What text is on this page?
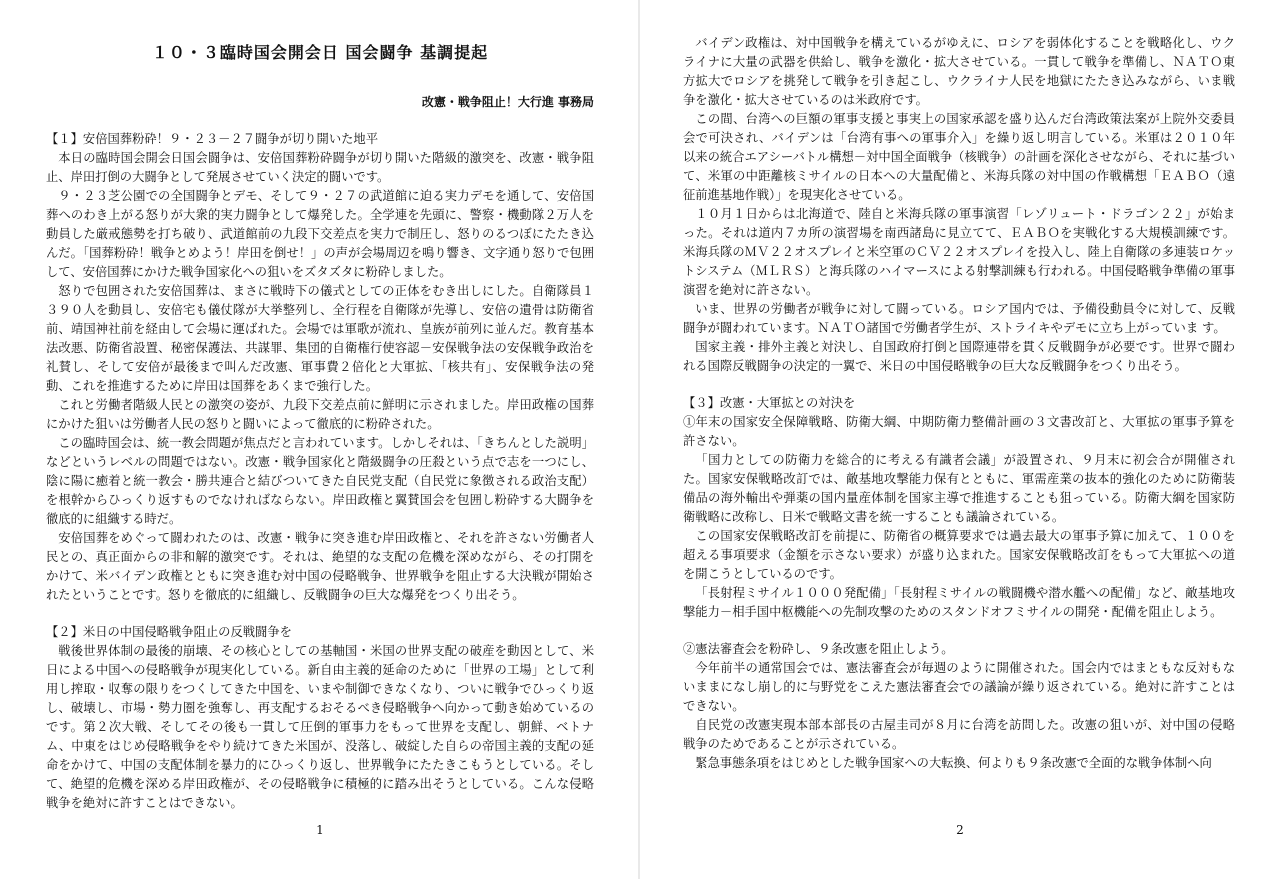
１０・３臨時国会開会日 国会闘争 基調提起
改憲・戦争阻止！大行進 事務局
【１】安倍国葬粉砕！９・２３－２７闘争が切り開いた地平

本日の臨時国会開会日国会闘争は、安倍国葬粉砕闘争が切り開いた階級的激突を、改憲・戦争阻止、岸田打倒の大闘争として発展させていく決定的闘いです。

９・２３芝公園での全国闘争とデモ、そして９・２７の武道館に迫る実力デモを通して、安倍国葬へのわき上がる怒りが大衆的実力闘争として爆発した。全学連を先頭に、警察・機動隊２万人を動員した厳戒態勢を打ち破り、武道館前の九段下交差点を実力で制圧し、怒りのるつぼにたたき込んだ。「国葬粉砕！戦争とめよう！岸田を倒せ！」の声が会場周辺を鳴り響き、文字通り怒りで包囲して、安倍国葬にかけた戦争国家化への狙いをズタズタに粉砕しました。

怒りで包囲された安倍国葬は、まさに戦時下の儀式としての正体をむき出しにした。自衛隊員１３９０人を動員し、安倍宅も儀仗隊が大挙整列し、全行程を自衛隊が先導し、安倍の遺骨は防衛省前、靖国神社前を経由して会場に運ばれた。会場では軍歌が流れ、皇族が前列に並んだ。教育基本法改悪、防衛省設置、秘密保護法、共謀罪、集団的自衛権行使容認－安保戦争法の安保戦争政治を礼賛し、そして安倍が最後まで叫んだ改憲、軍事費２倍化と大軍拡、「核共有」、安保戦争法の発動、これを推進するために岸田は国葬をあくまで強行した。

これと労働者階級人民との激突の姿が、九段下交差点前に鮮明に示されました。岸田政権の国葬にかけた狙いは労働者人民の怒りと闘いによって徹底的に粉砕された。

この臨時国会は、統一教会問題が焦点だと言われています。しかしそれは、「きちんとした説明」などというレベルの問題ではない。改憲・戦争国家化と階級闘争の圧殺という点で志を一つにし、陰に陽に癒着と統一教会・勝共連合と結びついてきた自民党支配（自民党に象徴される政治支配）を根幹からひっくり返すものでなければならない。岸田政権と翼賛国会を包囲し粉砕する大闘争を徹底的に組織する時だ。

安倍国葬をめぐって闘われたのは、改憲・戦争に突き進む岸田政権と、それを許さない労働者人民との、真正面からの非和解的激突です。それは、絶望的な支配の危機を深めながら、その打開をかけて、米バイデン政権とともに突き進む対中国の侵略戦争、世界戦争を阻止する大決戦が開始されたということです。怒りを徹底的に組織し、反戦闘争の巨大な爆発をつくり出そう。

【２】米日の中国侵略戦争阻止の反戦闘争を

戦後世界体制の最後的崩壊、その核心としての基軸国・米国の世界支配の破産を動因として、米日による中国への侵略戦争が現実化している。新自由主義的延命のために「世界の工場」として利用し搾取・収奪の限りをつくしてきた中国を、いまや制御できなくなり、ついに戦争でひっくり返し、破壊し、市場・勢力圏を強奪し、再支配するおそるべき侵略戦争へ向かって動き始めているのです。第２次大戦、そしてその後も一貫して圧倒的軍事力をもって世界を支配し、朝鮮、ベトナム、中東をはじめ侵略戦争をやり続けてきた米国が、没落し、破綻した自らの帝国主義的支配の延命をかけて、中国の支配体制を暴力的にひっくり返し、世界戦争にたたきこもうとしている。そして、絶望的危機を深める岸田政権が、その侵略戦争に積極的に踏み出そうとしている。こんな侵略戦争を絶対に許すことはできない。

1

バイデン政権は、対中国戦争を構えているがゆえに、ロシアを弱体化することを戦略化し、ウクライナに大量の武器を供給し、戦争を激化・拡大させている。一貫して戦争を準備し、ＮＡＴＯ東方拡大でロシアを挑発して戦争を引き起こし、ウクライナ人民を地獄にたたき込みながら、いま戦争を激化・拡大させているのは米政府です。

この間、台湾への巨額の軍事支援と事実上の国家承認を盛り込んだ台湾政策法案が上院外交委員会で可決され、バイデンは「台湾有事への軍事介入」を繰り返し明言している。米軍は２０１０年以来の統合エアシーバトル構想－対中国全面戦争（核戦争）の計画を深化させながら、それに基づいて、米軍の中距離核ミサイルの日本への大量配備と、米海兵隊の対中国の作戦構想「ＥＡＢＯ（遠征前進基地作戦）」を現実化させている。

１０月１日からは北海道で、陸自と米海兵隊の軍事演習「レゾリュート・ドラゴン２２」が始まった。それは道内７カ所の演習場を南西諸島に見立てて、ＥＡＢＯを実戦化する大規模訓練です。米海兵隊のＭＶ２２オスプレイと米空軍のＣＶ２２オスプレイを投入し、陸上自衛隊の多連装ロケットシステム（ＭＬＲＳ）と海兵隊のハイマースによる射撃訓練も行われる。中国侵略戦争準備の軍事演習を絶対に許さない。

いま、世界の労働者が戦争に対して闘っている。ロシア国内では、予備役動員令に対して、反戦闘争が闘われています。ＮＡＴＯ諸国で労働者学生が、ストライキやデモに立ち上がっていま す。

国家主義・排外主義と対決し、自国政府打倒と国際連帯を貫く反戦闘争が必要です。世界で闘われる国際反戦闘争の決定的一翼で、米日の中国侵略戦争の巨大な反戦闘争をつくり出そう。

【３】改憲・大軍拡との対決を

①年末の国家安全保障戦略、防衛大綱、中期防衛力整備計画の３文書改訂と、大軍拡の軍事予算を許さない。

「国力としての防衛力を総合的に考える有識者会議」が設置され、９月末に初会合が開催された。国家安保戦略改訂では、敵基地攻撃能力保有とともに、軍需産業の抜本的強化のために防衛装備品の海外輸出や弾薬の国内量産体制を国家主導で推進することも狙っている。防衛大綱を国家防衛戦略に改称し、日米で戦略文書を統一することも議論されている。

この国家安保戦略改訂を前提に、防衛省の概算要求では過去最大の軍事予算に加えて、１００を超える事項要求（金額を示さない要求）が盛り込まれた。国家安保戦略改訂をもって大軍拡への道を開こうとしているのです。

「長射程ミサイル１０００発配備」「長射程ミサイルの戦闘機や潜水艦への配備」など、敵基地攻撃能力－相手国中枢機能への先制攻撃のためのスタンドオフミサイルの開発・配備を阻止しよう。

②憲法審査会を粉砕し、９条改憲を阻止しよう。

今年前半の通常国会では、憲法審査会が毎週のように開催された。国会内ではまともな反対もないままになし崩し的に与野党をこえた憲法審査会での議論が繰り返されている。絶対に許すことはできない。

自民党の改憲実現本部本部長の古屋圭司が８月に台湾を訪問した。改憲の狙いが、対中国の侵略戦争のためであることが示されている。

緊急事態条項をはじめとした戦争国家への大転換、何よりも９条改憲で全面的な戦争体制へ向

2
